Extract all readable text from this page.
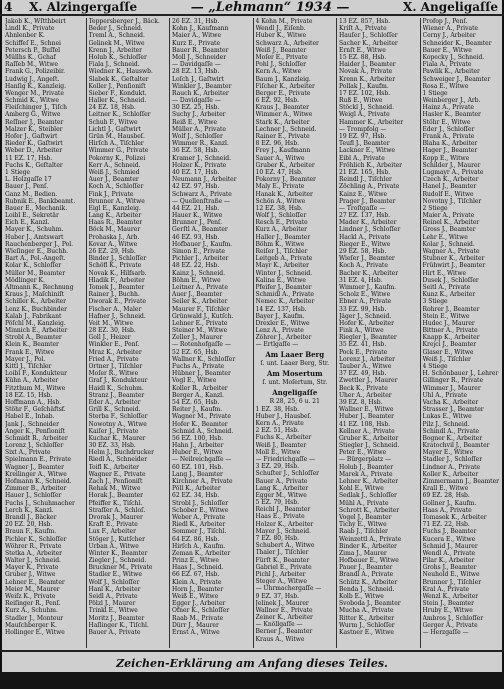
4 X. Alzingergaſſe	— „Lehmann“ 1934 —	X. Angeligaſſe
Jakob K., Wſtthbeirt
Lindl K., Private
Ahnlenber K.
Schiffeſ E., Schnei
Petersch P., Buſfel
Müllhs K., Gchaf
Raſſeb M., Witwe
Frank G., Polizeibir.
Ludwig J., Angeſt.
Hanſig K., Kanzleig.
Wenger M., Private
Schmid K., Witwe
Fleiſchinger J., Tiſch
Amberg G., Witwe
Reſſner J., Beamter
Malzer K., Steibler
Hofer J., Gaſtwirt
Rieder K., Gaſtwirt
Weber D., Arbeiter
11 EZ. 17, Hsb.
Fuchs K., Geſtalter
1 Stiege
L. Holzgaſſe 17
Bauer J., Penſ.
Ganz M., Bedien.
Rubnik E., Bankbeamt.
Bauer E., Mechanik.
Loibl E., Sekretär
Eich E., Kanzl.
Mayer K., Schuhm.
Huber J., Amtswart
Rauchenberger J., Pol.
Wieſinger E., Buchh.
Bart A., Pol.-Angeſt.
Kolar K., Schloſſer
Müller M., Beamter
Mödlinger K.
Altmann K., Rechnung
Kraus J., Maſchiniſt
Schiller K., Arbeiter
Lenz K., Buchbinder
Kalab J., Fabrikant
Pöſchl M., Kanzleig.
Minnich E., Arbeiter
Strobl A., Beamter
Klein K., Beamter
Frank E., Witwe
Mayer J., Pol.
Kittl J., Tiſchler
Loibl F., Kondukteur
Kühn A., Arbeiter
Fitzthum M., Witwe
18 EZ. 15, Hsb.
Hoffmann A., Hsb.
Stöhr F., Geſchäftsf.
Habel E., Inhab.
Jank J., Schneider
Anger K., Penſioniſt
Schmidt R., Arbeiter
Lorenz J., Schloſſer
Sixt A., Private
Spielmann E., Private
Wagner J., Beamter
Kreilinger A., Witwe
Hofmann K., Schneid.
Zimmer B., Arbeiter
Hauer J., Schloſſer
Fuchs J., Schuhmacher
Lerch K., Kanzl.
Brandl J., Bäcker
20 EZ. 20, Hsb.
Braun F., Kaufm.
Pichler K., Schloſſer
Wöhrer R., Private
Stetka A., Arbeiter
Walter J., Schneid.
Mayer K., Private
Gruber J., Witwe
Lehner E., Beamter
Meier M., Maurer
Weiſz K., Private
Reiſinger R., Penſ.
Kurz A., Schuhm.
Stadler J., Monteur
Mauſchberger K.
Hollinger E., Witwe
Teppersberger J., Bäck.
Beder J., Schneid.
Treml A., Schneid.
Gelinek M., Witwe
Krenn J., Arbeiter
Holub K., Schloſſer
Fiala J., Schneid.
Wiedner K., Hauswb.
Slabek K., Geſtalter
Koller J., Penſioniſt
Sieber F., Kondukt.
Haller K., Schneid.
24 EZ. 18, Hsb.
Leitner K., Schloſſer
Schuh F., Witwe
Lichtl J., Gaſtwirt
Grün M., Hausbeſ.
Hirſch A., Tiſchler
Wimmer G., Private
Pokorny K., Polizei
Kerr A., Schneid.
Weiß J., Schmied
Auer J., Beamter
Koch A., Schloſſer
Fink J., Private
Brunner A., Witwe
Eigl E., Kanzleig.
Lang K., Arbeiter
Haas R., Beamter
Böck M., Maurer
Prohaska J., Arb.
Kovar A., Witwe
26 EZ. 29, Hsb.
Binder J., Schloſſer
Schöfl K., Private
Novak K., Hilfsarb.
Hladik F., Arbeiter
Tomek J., Beamter
Rainer J., Buchh.
Dworak E., Private
Fischer A., Maler
Hafner J., Schneid.
Veit M., Witwe
28 EZ. 30, Hsb.
Goll J., Heizer
Winkler E., Penſ.
Mraz K., Arbeiter
Fried A., Private
Ortner J., Tiſchler
Moſer R., Witwe
Graf J., Kondukteur
Haidl K., Schuhm.
Stranz J., Beamter
Eder A., Arbeiter
Grill K., Schneid.
Sterba F., Schloſſer
Nowotny A., Witwe
Kaiſer J., Private
Kuchar K., Maurer
30 EZ. 33, Hsb.
Helm J., Buchdrucker
Riedl A., Schneider
Toifl K., Arbeiter
Wagner E., Private
Zach J., Penſioniſt
Rehak M., Witwe
Horak J., Beamter
Pfeiffer K., Tiſchl.
Straſſer A., Schloſ.
Dvorak J., Maurer
Kraft E., Private
Lux F., Arbeiter
Stöger J., Kutſcher
Urban A., Witwe
Winter K., Beamter
Ziegler J., Schneid.
Bruckner M., Private
Stadler E., Witwe
Wolf J., Schloſſer
Hanl K., Arbeiter
Seidl A., Private
Pölzl J., Maurer
Trinkl E., Witwe
Moritz J., Beamter
Haſlinger K., Tiſchl.
Bauer A., Private
26 EZ. 31, Hsb.
Kohn J., Kaufmann
Maier A., Witwe
Kurz E., Private
Bauer R., Beamter
Moll J., Schneider
— Davidgaſſe —
28 EZ. 13, Hsb.
Loſch J., Gaſtwirt
Winkler J., Beamter
Rauch K., Arbeiter
— Davidgaſſe —
30 EZ. 25, Hsb.
Suchy J., Arbeiter
Reiß E., Witwe
Müller A., Private
Wolf J., Schloſſer
Wimmer R., Kanzl.
36 EZ. 58, Hsb.
Kramer J., Schneid.
Holzer K., Private
40 EZ. 17, Hsb.
Neumann J., Arbeiter
42 EZ. 97, Hsb.
Schwarz A., Private
— Quellenſtraße —
44 EZ. 21, Hsb.
Hauer K., Witwe
Brunner J., Penſ.
Gerſtl A., Beamter
46 EZ. 93, Hsb.
Hofbauer J., Kaufm.
Simon E., Private
Pichler J., Arbeiter
48 EZ. 22, Hsb.
Kainz J., Schneid.
Böhm E., Witwe
Leitner A., Private
Auer J., Beamter
Seiler K., Arbeiter
Maurer F., Tiſchler
Grünwald J., Kutſch.
Lehner E., Private
Steiner M., Witwe
Zeller J., Maurer
— Rotenhofgaſſe —
52 EZ. 65, Hsb.
Wallner K., Schloſſer
Fuchs A., Private
Hübner J., Beamter
Vogl E., Witwe
Koller R., Arbeiter
Berger A., Kanzl.
54 EZ. 65, Hsb.
Reiter J., Kaufm.
Wagner M., Private
Hofer K., Beamter
Schmid A., Schneid.
56 EZ. 100, Hsb.
Hahn J., Arbeiter
Huber E., Witwe
— Neilreichgaſſe —
60 EZ. 101, Hsb.
Lang J., Beamter
Kirchner A., Private
Pöll K., Arbeiter
62 EZ. 34, Hsb.
Strobl J., Schloſſer
Schober E., Witwe
Weber A., Private
Riedl K., Arbeiter
Sommer J., Tiſchl.
64 EZ. 86, Hsb.
Hirſch A., Kaufm.
Zeman K., Arbeiter
Prinz E., Witwe
Haas J., Schneid.
66 EZ. 67, Hsb.
Klein A., Private
Horn J., Beamter
Weiß E., Witwe
Egger J., Arbeiter
Ofner K., Schloſſer
Raab M., Private
Dürr J., Maurer
Ernst A., Witwe
4 Kohn M., Private
Wendl J., Eiſenb.
Huber K., Witwe
Schwarz A., Arbeiter
Weiß J., Beamter
Moſer E., Private
Pohl J., Schloſſer
Kern A., Witwe
Baum J., Kanzleig.
Fiſcher K., Arbeiter
Berger E., Private
6 EZ. 92, Hsb.
Kraus J., Beamter
Wimmer A., Witwe
Stark K., Arbeiter
Lechner J., Schneid.
Rainer E., Private
8 EZ. 96, Hsb.
Frey J., Kaufmann
Sauer A., Witwe
Gruber K., Arbeiter
10 EZ. 47, Hsb.
Pokorny J., Beamter
Maly E., Private
Hanak K., Arbeiter
Schön A., Witwe
12 EZ. 38, Hsb.
Wolf J., Schloſſer
Resch E., Private
Kurz A., Arbeiter
Haller J., Beamter
Böhm K., Witwe
Reiſer J., Tiſchler
Leitgeb A., Private
Mayr K., Arbeiter
Winter J., Schneid.
Kalina E., Witwe
Pfeifer J., Beamter
Schmidl A., Private
Nemec K., Arbeiter
14 EZ. 137, Hsb.
Bayer J., Kaufm.
Drexler E., Witwe
Lenz A., Private
Zöhrer J., Arbeiter
— Ertlgaſſe —
Am Laaer Berg
ſ. unt. Laaer Berg, Str.
Am Mosertum
ſ. unt. Moſertum, Str.
Angeligaſſe
R 28, 25, 6 u. 21
1 EZ. 38, Hsb.
Huber J., Hausbeſ.
Kern A., Private
2 EZ. 51, Hsb.
Fuchs K., Arbeiter
Weiß J., Beamter
Moll E., Witwe
— Friedrichgaſſe —
3 EZ. 29, Hsb.
Schuſter J., Schloſſer
Bauer A., Private
Lang K., Arbeiter
Egger M., Witwe
5 EZ. 79, Hsb.
Reichl J., Beamter
Haas E., Private
Holzer K., Arbeiter
Mayer J., Schneid.
7 EZ. 80, Hsb.
Schubert A., Witwe
Thaler J., Tiſchler
Fürſt K., Beamter
Gabriel E., Private
Pichl J., Arbeiter
Steger A., Witwe
— Uhrmachergaſſe —
9 EZ. 37, Hsb.
Jelinek J., Maurer
Wallner E., Private
Zeiner K., Arbeiter
— Knöllgaſſe —
Berner J., Beamter
Kraus A., Witwe
13 EZ. 857, Hsb.
Kriſt A., Private
Hauſer J., Schloſſer
Sacher K., Arbeiter
Ernſt E., Witwe
15 EZ. 88, Hsb.
Haider J., Beamter
Novak A., Private
Krenn K., Arbeiter
Pollak J., Kaufm.
17 EZ. 102, Hsb.
Ruß E., Witwe
Stöckl J., Schneid.
Weigl A., Private
Hammer K., Arbeiter
— Trompfolg —
19 EZ. 97, Hsb.
Teufl J., Beamter
Lackner E., Witwe
Eibl A., Private
Fröhlich K., Arbeiter
21 EZ. 165, Hsb.
Reindl J., Tiſchler
Zöchling A., Private
Kainz E., Witwe
Prager J., Beamter
— Troſtgaſſe —
27 EZ. 137, Hsb.
Mader K., Arbeiter
Lindner J., Schloſſer
Hackl A., Private
Rieger E., Witwe
29 EZ. 58, Hsb.
Wieſer J., Beamter
Koch A., Private
Bacher K., Arbeiter
31 EZ. 4, Hsb.
Wimmer J., Kaufm.
Scholz E., Witwe
Ebner A., Private
33 EZ. 99, Hsb.
Jäger J., Schneid.
Hofer K., Arbeiter
Fink A., Witwe
Riegler J., Beamter
35 EZ. 41, Hsb.
Pock E., Private
Lorenz J., Arbeiter
Tauber A., Witwe
37 EZ. 49, Hsb.
Zwettler J., Maurer
Beck K., Private
Uher A., Arbeiter
39 EZ. 8, Hsb.
Wallner E., Witwe
Huber J., Beamter
41 EZ. 108, Hsb.
Kellner A., Private
Gruber K., Arbeiter
Stiegler J., Schneid.
Peter E., Witwe
— Bürgerplatz —
Holub J., Beamter
Marek A., Private
Lehner K., Arbeiter
Kohl E., Witwe
Sedlak J., Schloſſer
Mühl A., Private
Schrott K., Arbeiter
Vogel J., Beamter
Tichy E., Witwe
Raab J., Tiſchler
Weinzettl A., Private
Binder K., Arbeiter
Zima J., Maurer
Hofbauer E., Witwe
Pauer J., Beamter
Brandl A., Private
Schütz K., Arbeiter
Benda J., Schneid.
Kolb E., Witwe
Svoboda J., Beamter
Mucha A., Private
Ritter K., Arbeiter
Wurm J., Schloſſer
Kastner E., Witwe
Profop J., Penſ.
Wiener A., Private
Cerny J., Arbeiter
Schneider K., Beamter
Bauer E., Witwe
Kopecky J., Schneid.
Fiala A., Private
Pawlik K., Arbeiter
Schweiger J., Beamter
Rosa E., Witwe
1 Stiege
Weinberger J., Arb.
Hainz A., Private
Hasler K., Beamter
Stöhr E., Witwe
Eder J., Schloſſer
Frank A., Private
Blaha K., Arbeiter
Hager J., Beamter
Kopp E., Witwe
Schilder J., Maurer
Lugmayr A., Private
Czech K., Arbeiter
Hanel J., Beamter
Rudolf E., Witwe
Novotny J., Tiſchler
2 Stiege
Maier A., Private
Reinel K., Arbeiter
Gross J., Beamter
Lehr E., Witwe
Kolar J., Schneid.
Wagner A., Private
Stubner K., Arbeiter
Frühwirt J., Beamter
Hirt E., Witwe
Dusek J., Schloſſer
Seitl A., Private
Kunz K., Arbeiter
3 Stiege
Rohrer J., Beamter
Stein E., Witwe
Hudec J., Maurer
Bittner A., Private
Knapp K., Arbeiter
Krejci J., Beamter
Glaser E., Witwe
Weiß J., Tiſchler
4 Stiege
H. Schönbauer J., Lehrer
Gillinger R., Private
Wimmer J., Maurer
Uhl A., Private
Vacha K., Arbeiter
Strasser J., Beamter
Lukas E., Witwe
Pilz J., Schneid.
Schindl A., Private
Bogner K., Arbeiter
Kratochvil J., Beamter
Mayer E., Witwe
Stadler J., Schloſſer
Lindner A., Private
Koller K., Arbeiter
Zimmermann J., Beamter
Krall E., Witwe
69 EZ. 28, Hsb.
Gollner J., Kaufm.
Haas A., Private
Tomasek K., Arbeiter
71 EZ. 22, Hsb.
Fuchs J., Beamter
Kucera E., Witwe
Schmid J., Maurer
Wendl A., Private
Pilar K., Arbeiter
Grohs J., Beamter
Neuhold E., Witwe
Brunner J., Tiſchler
Kral A., Private
Wenzl K., Arbeiter
Stein J., Beamter
Hruby E., Witwe
Ambros J., Schloſſer
Gerger A., Private
— Herzgaſſe —
Zeichen-Erklärung am Anfang dieses Teiles.
